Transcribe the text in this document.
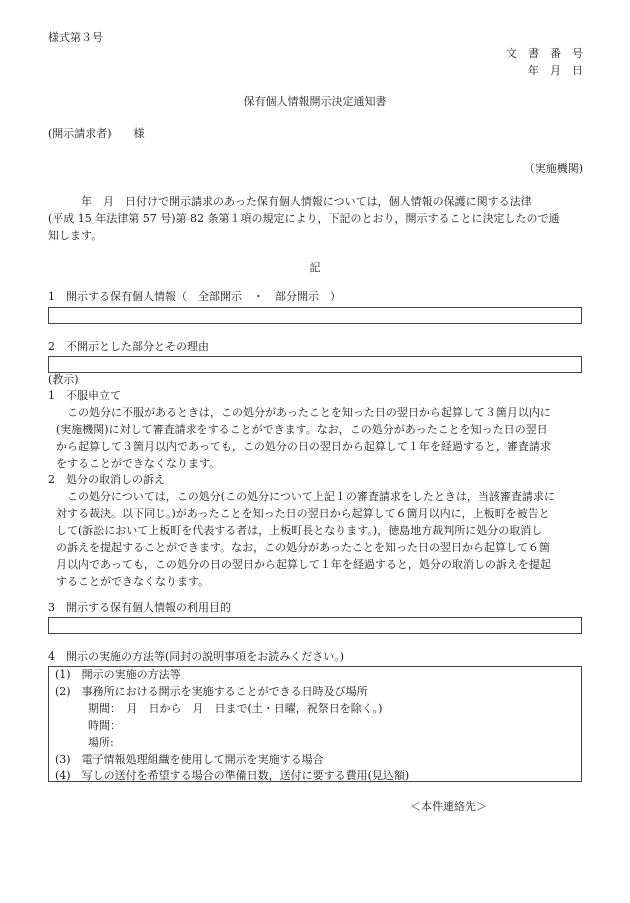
様式第３号
文　書　番　号
年　月　日
保有個人情報開示決定通知書
(開示請求者)　　様
（実施機関)
　　　年　月　日付けで開示請求のあった保有個人情報については，個人情報の保護に関する法律
(平成 15 年法律第 57 号)第 82 条第１項の規定により，下記のとおり，開示することに決定したので通
知します。
記
1　開示する保有個人情報（　全部開示　・　部分開示　）
2　不開示とした部分とその理由
(教示)
1　不服申立て
この処分に不服があるときは，この処分があったことを知った日の翌日から起算して３箇月以内に
(実施機関)に対して審査請求をすることができます。なお，この処分があったことを知った日の翌日
から起算して３箇月以内であっても，この処分の日の翌日から起算して１年を経過すると，審査請求
をすることができなくなります。
2　処分の取消しの訴え
この処分については，この処分(この処分について上記１の審査請求をしたときは，当該審査請求に
対する裁決。以下同じ。)があったことを知った日の翌日から起算して６箇月以内に，上板町を被告と
して(訴訟において上板町を代表する者は，上板町長となります。)，徳島地方裁判所に処分の取消し
の訴えを提起することができます。なお，この処分があったことを知った日の翌日から起算して６箇
月以内であっても，この処分の日の翌日から起算して１年を経過すると，処分の取消しの訴えを提起
することができなくなります。
3　開示する保有個人情報の利用目的
4　開示の実施の方法等(同封の説明事項をお読みください。)
(1)　開示の実施の方法等
(2)　事務所における開示を実施することができる日時及び場所
　　　期間：　月　日から　月　日まで(土・日曜，祝祭日を除く。)
　　　時間：
　　　場所:
(3)　電子情報処理組織を使用して開示を実施する場合
(4)　写しの送付を希望する場合の準備日数，送付に要する費用(見込額)
＜本件連絡先＞
